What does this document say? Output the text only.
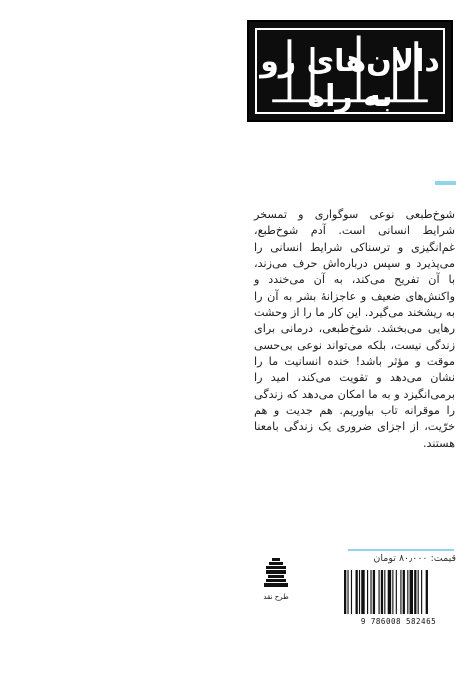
دالان‌های رو به راه
شوخ‌طبعی نوعی سوگواری و تمسخر شرایط انسانی است. آدم شوخ‌طبع، غم‌انگیزی و ترسناکی شرایط انسانی را می‌پذیرد و سپس درباره‌اش حرف می‌زند، با آن تفریح می‌کند، به آن می‌خندد و واکنش‌های ضعیف و عاجزانهٔ بشر به آن را به ریشخند می‌گیرد. این کار ما را از وحشت رهایی می‌بخشد. شوخ‌طبعی، درمانی برای زندگی نیست، بلکه می‌تواند نوعی بی‌حسی موقت و مؤثر باشد! خنده انسانیت ما را نشان می‌دهد و تقویت می‌کند، امید را برمی‌انگیزد و به ما امکان می‌دهد که زندگی را موقرانه تاب بیاوریم. هم جدیت و هم خرّیت، از اجزای ضروری یک زندگی بامعنا هستند.
قیمت: ۸۰٫۰۰۰ تومان
طرح نقد
9 786008 582465
